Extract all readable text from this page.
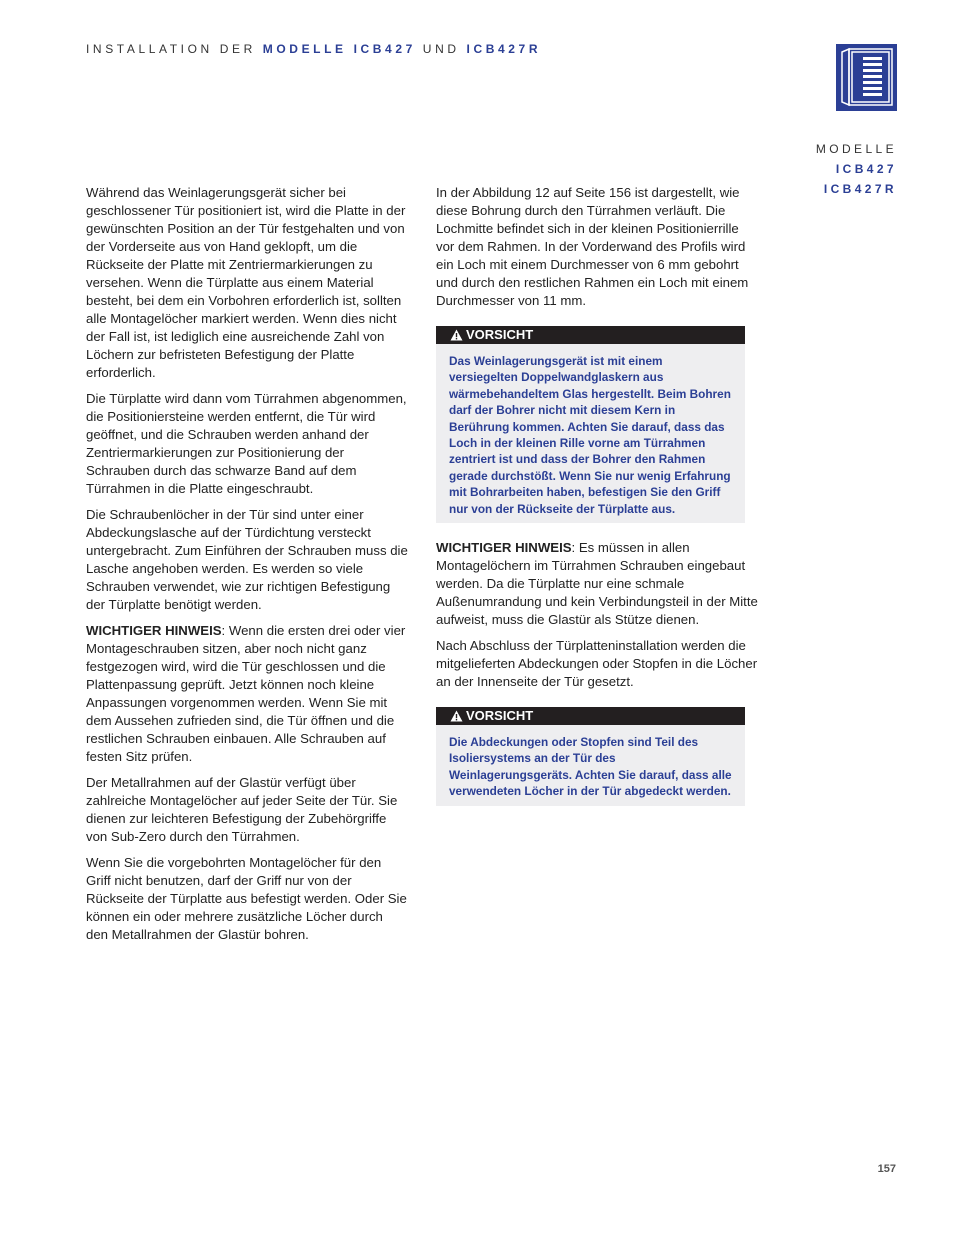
INSTALLATION DER MODELLE ICB427 UND ICB427R
MODELLE
ICB427
ICB427R

Während das Weinlagerungsgerät sicher bei geschlossener Tür positioniert ist, wird die Platte in der gewünschten Position an der Tür festgehalten und von der Vorderseite aus von Hand geklopft, um die Rückseite der Platte mit Zentriermarkierungen zu versehen. Wenn die Türplatte aus einem Material besteht, bei dem ein Vorbohren erforderlich ist, sollten alle Montagelöcher markiert werden. Wenn dies nicht der Fall ist, ist lediglich eine ausreichende Zahl von Löchern zur befristeten Befestigung der Platte erforderlich.

Die Türplatte wird dann vom Türrahmen abgenommen, die Positioniersteine werden entfernt, die Tür wird geöffnet, und die Schrauben werden anhand der Zentriermarkierungen zur Positionierung der Schrauben durch das schwarze Band auf dem Türrahmen in die Platte eingeschraubt.

Die Schraubenlöcher in der Tür sind unter einer Abdeckungslasche auf der Türdichtung versteckt untergebracht. Zum Einführen der Schrauben muss die Lasche angehoben werden. Es werden so viele Schrauben verwendet, wie zur richtigen Befestigung der Türplatte benötigt werden.

WICHTIGER HINWEIS: Wenn die ersten drei oder vier Montageschrauben sitzen, aber noch nicht ganz festgezogen wird, wird die Tür geschlossen und die Plattenpassung geprüft. Jetzt können noch kleine Anpassungen vorgenommen werden. Wenn Sie mit dem Aussehen zufrieden sind, die Tür öffnen und die restlichen Schrauben einbauen. Alle Schrauben auf festen Sitz prüfen.

Der Metallrahmen auf der Glastür verfügt über zahlreiche Montagelöcher auf jeder Seite der Tür. Sie dienen zur leichteren Befestigung der Zubehörgriffe von Sub-Zero durch den Türrahmen.

Wenn Sie die vorgebohrten Montagelöcher für den Griff nicht benutzen, darf der Griff nur von der Rückseite der Türplatte aus befestigt werden. Oder Sie können ein oder mehrere zusätzliche Löcher durch den Metallrahmen der Glastür bohren.

In der Abbildung 12 auf Seite 156 ist dargestellt, wie diese Bohrung durch den Türrahmen verläuft. Die Lochmitte befindet sich in der kleinen Positionierrille vor dem Rahmen. In der Vorderwand des Profils wird ein Loch mit einem Durchmesser von 6 mm gebohrt und durch den restlichen Rahmen ein Loch mit einem Durchmesser von 11 mm.

VORSICHT
Das Weinlagerungsgerät ist mit einem versiegelten Doppelwandglaskern aus wärmebehandeltem Glas hergestellt. Beim Bohren darf der Bohrer nicht mit diesem Kern in Berührung kommen. Achten Sie darauf, dass das Loch in der kleinen Rille vorne am Türrahmen zentriert ist und dass der Bohrer den Rahmen gerade durchstößt. Wenn Sie nur wenig Erfahrung mit Bohrarbeiten haben, befestigen Sie den Griff nur von der Rückseite der Türplatte aus.

WICHTIGER HINWEIS: Es müssen in allen Montagelöchern im Türrahmen Schrauben eingebaut werden. Da die Türplatte nur eine schmale Außenumrandung und kein Verbindungsteil in der Mitte aufweist, muss die Glastür als Stütze dienen.

Nach Abschluss der Türplatteninstallation werden die mitgelieferten Abdeckungen oder Stopfen in die Löcher an der Innenseite der Tür gesetzt.

VORSICHT
Die Abdeckungen oder Stopfen sind Teil des Isoliersystems an der Tür des Weinlagerungsgeräts. Achten Sie darauf, dass alle verwendeten Löcher in der Tür abgedeckt werden.
157
